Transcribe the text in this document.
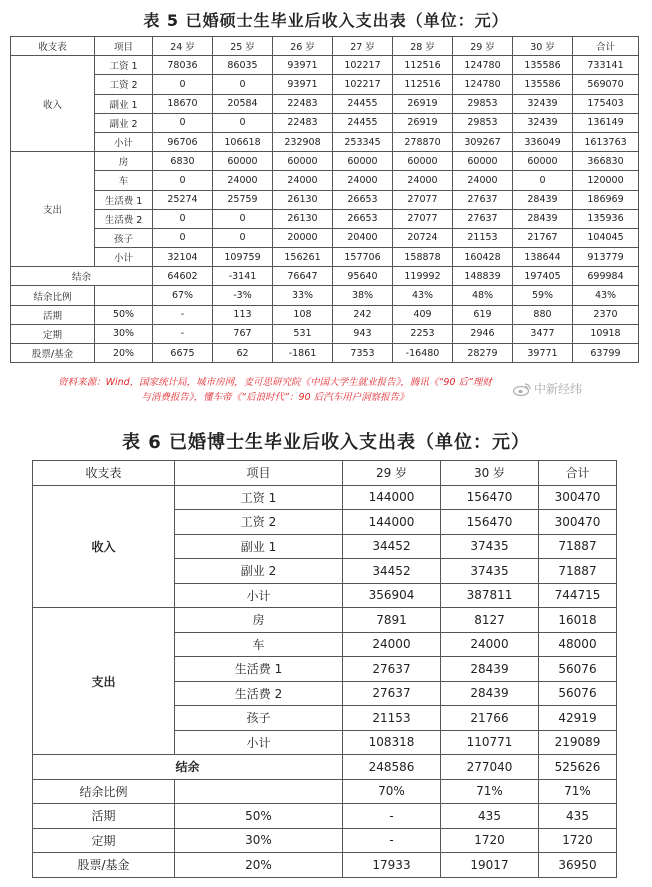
表 5 已婚硕士生毕业后收入支出表（单位：元）
收支表	项目	24 岁	25 岁	26 岁	27 岁	28 岁	29 岁	30 岁	合计
收入	工资 1	78036	86035	93971	102217	112516	124780	135586	733141
	工资 2	0	0	93971	102217	112516	124780	135586	569070
	副业 1	18670	20584	22483	24455	26919	29853	32439	175403
	副业 2	0	0	22483	24455	26919	29853	32439	136149
	小计	96706	106618	232908	253345	278870	309267	336049	1613763
支出	房	6830	60000	60000	60000	60000	60000	60000	366830
	车	0	24000	24000	24000	24000	24000	0	120000
	生活费 1	25274	25759	26130	26653	27077	27637	28439	186969
	生活费 2	0	0	26130	26653	27077	27637	28439	135936
	孩子	0	0	20000	20400	20724	21153	21767	104045
	小计	32104	109759	156261	157706	158878	160428	138644	913779
结余		64602	-3141	76647	95640	119992	148839	197405	699984
结余比例		67%	-3%	33%	38%	43%	48%	59%	43%
活期	50%	-	113	108	242	409	619	880	2370
定期	30%	-	767	531	943	2253	2946	3477	10918
股票/基金	20%	6675	62	-1861	7353	-16480	28279	39771	63799

资料来源：Wind，国家统计局，城市房网，麦可思研究院《中国大学生就业报告》，腾讯《“90 后”理财
与消费报告》，懂车帝《“后浪时代”：90 后汽车用户洞察报告》

中新经纬
表 6 已婚博士生毕业后收入支出表（单位：元）
收支表	项目	29 岁	30 岁	合计
收入	工资 1	144000	156470	300470
	工资 2	144000	156470	300470
	副业 1	34452	37435	71887
	副业 2	34452	37435	71887
	小计	356904	387811	744715
支出	房	7891	8127	16018
	车	24000	24000	48000
	生活费 1	27637	28439	56076
	生活费 2	27637	28439	56076
	孩子	21153	21766	42919
	小计	108318	110771	219089
结余		248586	277040	525626
结余比例		70%	71%	71%
活期	50%	-	435	435
定期	30%	-	1720	1720
股票/基金	20%	17933	19017	36950
